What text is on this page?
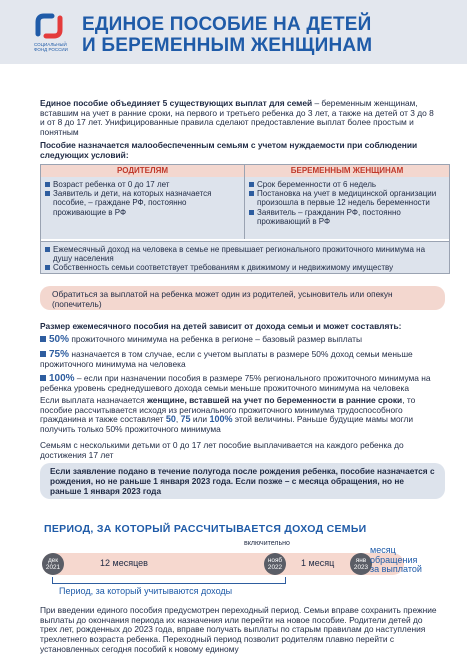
СОЦИАЛЬНЫЙ
ФОНД РОССИИ
ЕДИНОЕ ПОСОБИЕ НА ДЕТЕЙ
И БЕРЕМЕННЫМ ЖЕНЩИНАМ
Единое пособие объединяет 5 существующих выплат для семей – беременным женщинам, вставшим на учет в ранние сроки, на первого и третьего ребенка до 3 лет, а также на детей от 3 до 8 и от 8 до 17 лет. Унифицированные правила сделают предоставление выплат более простым и понятным
Пособие назначается малообеспеченным семьям с учетом нуждаемости при соблюдении следующих условий:
РОДИТЕЛЯМ
Возраст ребенка от 0 до 17 лет
Заявитель и дети, на которых назначается пособие, – граждане РФ, постоянно проживающие в РФ
БЕРЕМЕННЫМ ЖЕНЩИНАМ
Срок беременности от 6 недель
Постановка на учет в медицинской организации произошла в первые 12 недель беременности
Заявитель – гражданин РФ, постоянно проживающий в РФ
Ежемесячный доход на человека в семье не превышает регионального прожиточного минимума на душу населения
Собственность семьи соответствует требованиям к движимому и недвижимому имуществу
Обратиться за выплатой на ребенка может один из родителей, усыновитель или опекун (попечитель)
Размер ежемесячного пособия на детей зависит от дохода семьи и может составлять:
50% прожиточного минимума на ребенка в регионе – базовый размер выплаты
75% назначается в том случае, если с учетом выплаты в размере 50% доход семьи меньше прожиточного минимума на человека
100% – если при назначении пособия в размере 75% регионального прожиточного минимума на ребенка уровень среднедушевого дохода семьи меньше прожиточного минимума на человека
Если выплата назначается женщине, вставшей на учет по беременности в ранние сроки, то пособие рассчитывается исходя из регионального прожиточного минимума трудоспособного гражданина и также составляет 50, 75 или 100% этой величины. Раньше будущие мамы могли получить только 50% прожиточного минимума
Семьям с несколькими детьми от 0 до 17 лет пособие выплачивается на каждого ребенка до достижения 17 лет
Если заявление подано в течение полугода после рождения ребенка, пособие назначается с рождения, но не раньше 1 января 2023 года. Если позже – с месяца обращения, но не раньше 1 января 2023 года
ПЕРИОД, ЗА КОТОРЫЙ РАССЧИТЫВАЕТСЯ ДОХОД СЕМЬИ
включительно
дек
2021	12 месяцев	нояб
2022	1 месяц	янв
2023
месяц
обращения
за выплатой
Период, за который учитываются доходы
При введении единого пособия предусмотрен переходный период. Семьи вправе сохранить прежние выплаты до окончания периода их назначения или перейти на новое пособие. Родители детей до трех лет, рожденных до 2023 года, вправе получать выплаты по старым правилам до наступления трехлетнего возраста ребенка. Переходный период позволит родителям плавно перейти с установленных сегодня пособий к новому единому
